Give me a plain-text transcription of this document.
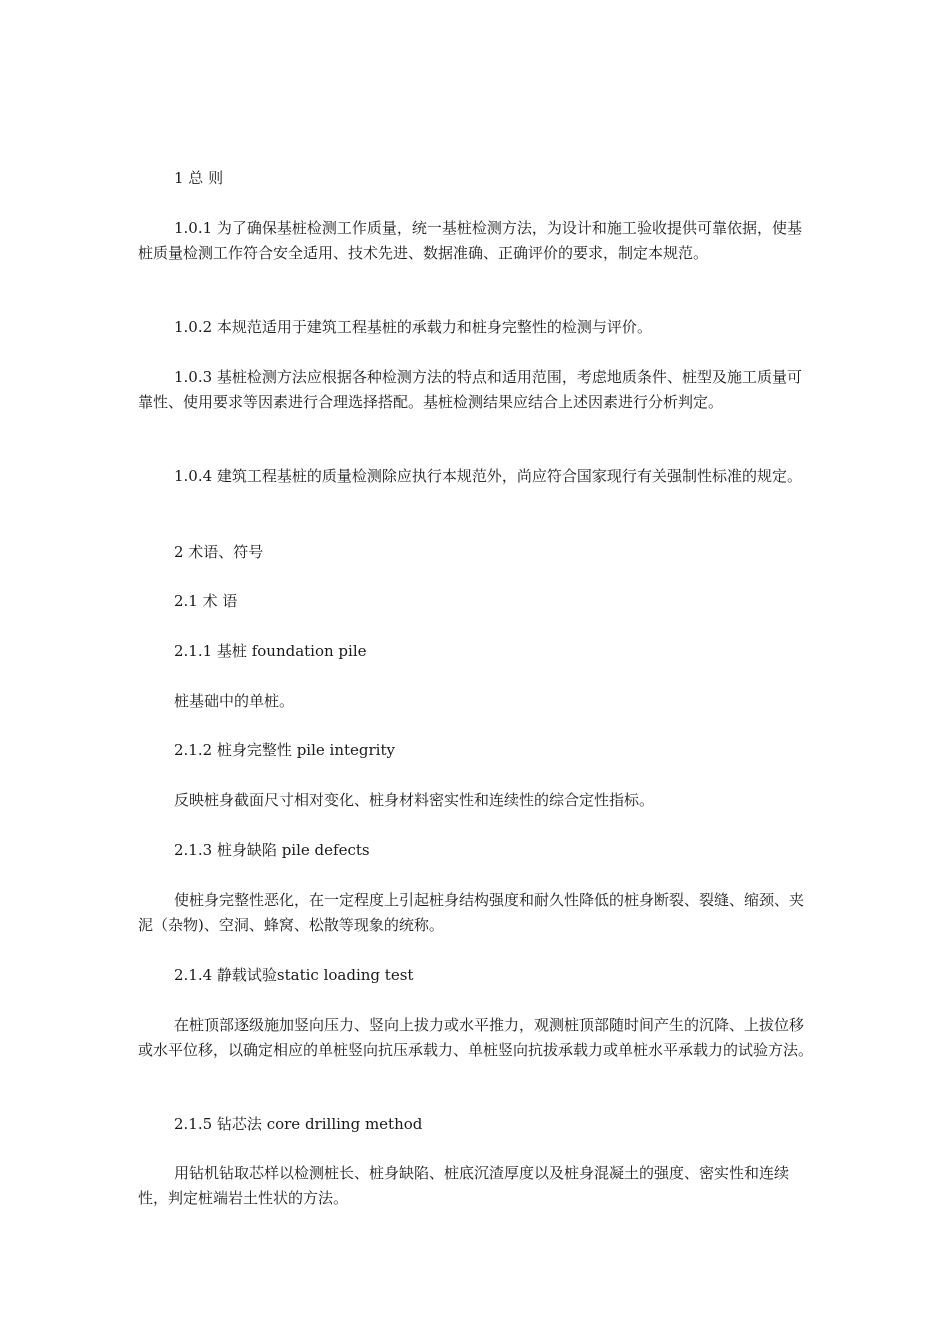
1 总 则

1.0.1 为了确保基桩检测工作质量，统一基桩检测方法，为设计和施工验收提供可靠依据，使基桩质量检测工作符合安全适用、技术先进、数据准确、正确评价的要求，制定本规范。

1.0.2 本规范适用于建筑工程基桩的承载力和桩身完整性的检测与评价。

1.0.3 基桩检测方法应根据各种检测方法的特点和适用范围，考虑地质条件、桩型及施工质量可靠性、使用要求等因素进行合理选择搭配。基桩检测结果应结合上述因素进行分析判定。

1.0.4 建筑工程基桩的质量检测除应执行本规范外，尚应符合国家现行有关强制性标准的规定。

2 术语、符号

2.1 术 语

2.1.1 基桩 foundation pile

桩基础中的单桩。

2.1.2 桩身完整性 pile integrity

反映桩身截面尺寸相对变化、桩身材料密实性和连续性的综合定性指标。

2.1.3 桩身缺陷 pile defects

使桩身完整性恶化，在一定程度上引起桩身结构强度和耐久性降低的桩身断裂、裂缝、缩颈、夹泥（杂物)、空洞、蜂窝、松散等现象的统称。

2.1.4 静载试验static loading test

在桩顶部逐级施加竖向压力、竖向上拔力或水平推力，观测桩顶部随时间产生的沉降、上拔位移或水平位移，以确定相应的单桩竖向抗压承载力、单桩竖向抗拔承载力或单桩水平承载力的试验方法。

2.1.5 钻芯法 core drilling method

用钻机钻取芯样以检测桩长、桩身缺陷、桩底沉渣厚度以及桩身混凝土的强度、密实性和连续性，判定桩端岩土性状的方法。
